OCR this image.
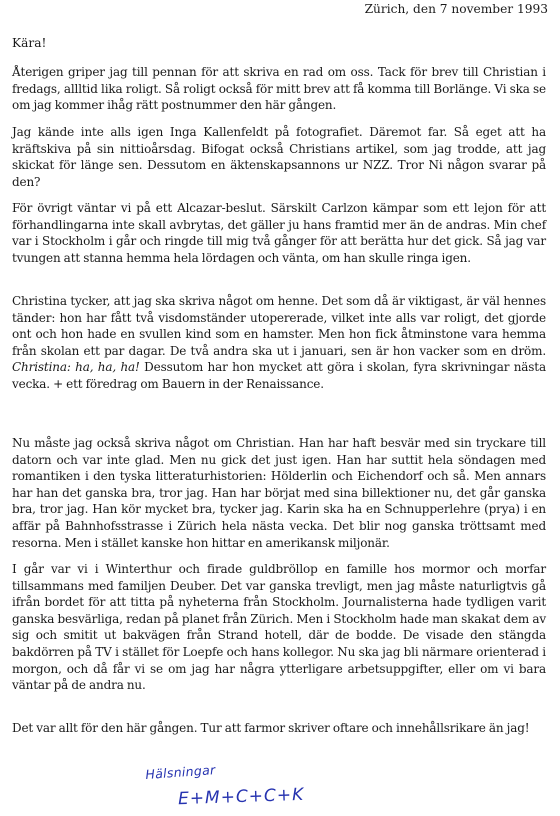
Zürich, den 7 november 1993
Kära!

Återigen griper jag till pennan för att skriva en rad om oss. Tack för brev till Christian i fredags, allltid lika roligt. Så roligt också för mitt brev att få komma till Borlänge. Vi ska se om jag kommer ihåg rätt postnummer den här gången.

Jag kände inte alls igen Inga Kallenfeldt på fotografiet. Däremot far. Så eget att ha kräftskiva på sin nittioårsdag. Bifogat också Christians artikel, som jag trodde, att jag skickat för länge sen. Dessutom en äktenskapsannons ur NZZ. Tror Ni någon svarar på den?

För övrigt väntar vi på ett Alcazar-beslut. Särskilt Carlzon kämpar som ett lejon för att förhandlingarna inte skall avbrytas, det gäller ju hans framtid mer än de andras. Min chef var i Stockholm i går och ringde till mig två gånger för att berätta hur det gick. Så jag var tvungen att stanna hemma hela lördagen och vänta, om han skulle ringa igen.

Christina tycker, att jag ska skriva något om henne. Det som då är viktigast, är väl hennes tänder: hon har fått två visdomständer utopererade, vilket inte alls var roligt, det gjorde ont och hon hade en svullen kind som en hamster. Men hon fick åtminstone vara hemma från skolan ett par dagar. De två andra ska ut i januari, sen är hon vacker som en dröm. Christina: ha, ha, ha! Dessutom har hon mycket att göra i skolan, fyra skrivningar nästa vecka. + ett föredrag om Bauern in der Renaissance.

Nu måste jag också skriva något om Christian. Han har haft besvär med sin tryckare till datorn och var inte glad. Men nu gick det just igen. Han har suttit hela söndagen med romantiken i den tyska litteraturhistorien: Hölderlin och Eichendorf och så. Men annars har han det ganska bra, tror jag. Han har börjat med sina billektioner nu, det går ganska bra, tror jag. Han kör mycket bra, tycker jag. Karin ska ha en Schnupperlehre (prya) i en affär på Bahnhofsstrasse i Zürich hela nästa vecka. Det blir nog ganska tröttsamt med resorna. Men i stället kanske hon hittar en amerikansk miljonär.

I går var vi i Winterthur och firade guldbröllop en famille hos mormor och morfar tillsammans med familjen Deuber. Det var ganska trevligt, men jag måste naturligtvis gå ifrån bordet för att titta på nyheterna från Stockholm. Journalisterna hade tydligen varit ganska besvärliga, redan på planet från Zürich. Men i Stockholm hade man skakat dem av sig och smitit ut bakvägen från Strand hotell, där de bodde. De visade den stängda bakdörren på TV i stället för Loepfe och hans kollegor. Nu ska jag bli närmare orienterad i morgon, och då får vi se om jag har några ytterligare arbetsuppgifter, eller om vi bara väntar på de andra nu.

Det var allt för den här gången. Tur att farmor skriver oftare och innehållsrikare än jag!

Hälsningar
E+M+C+C+K
